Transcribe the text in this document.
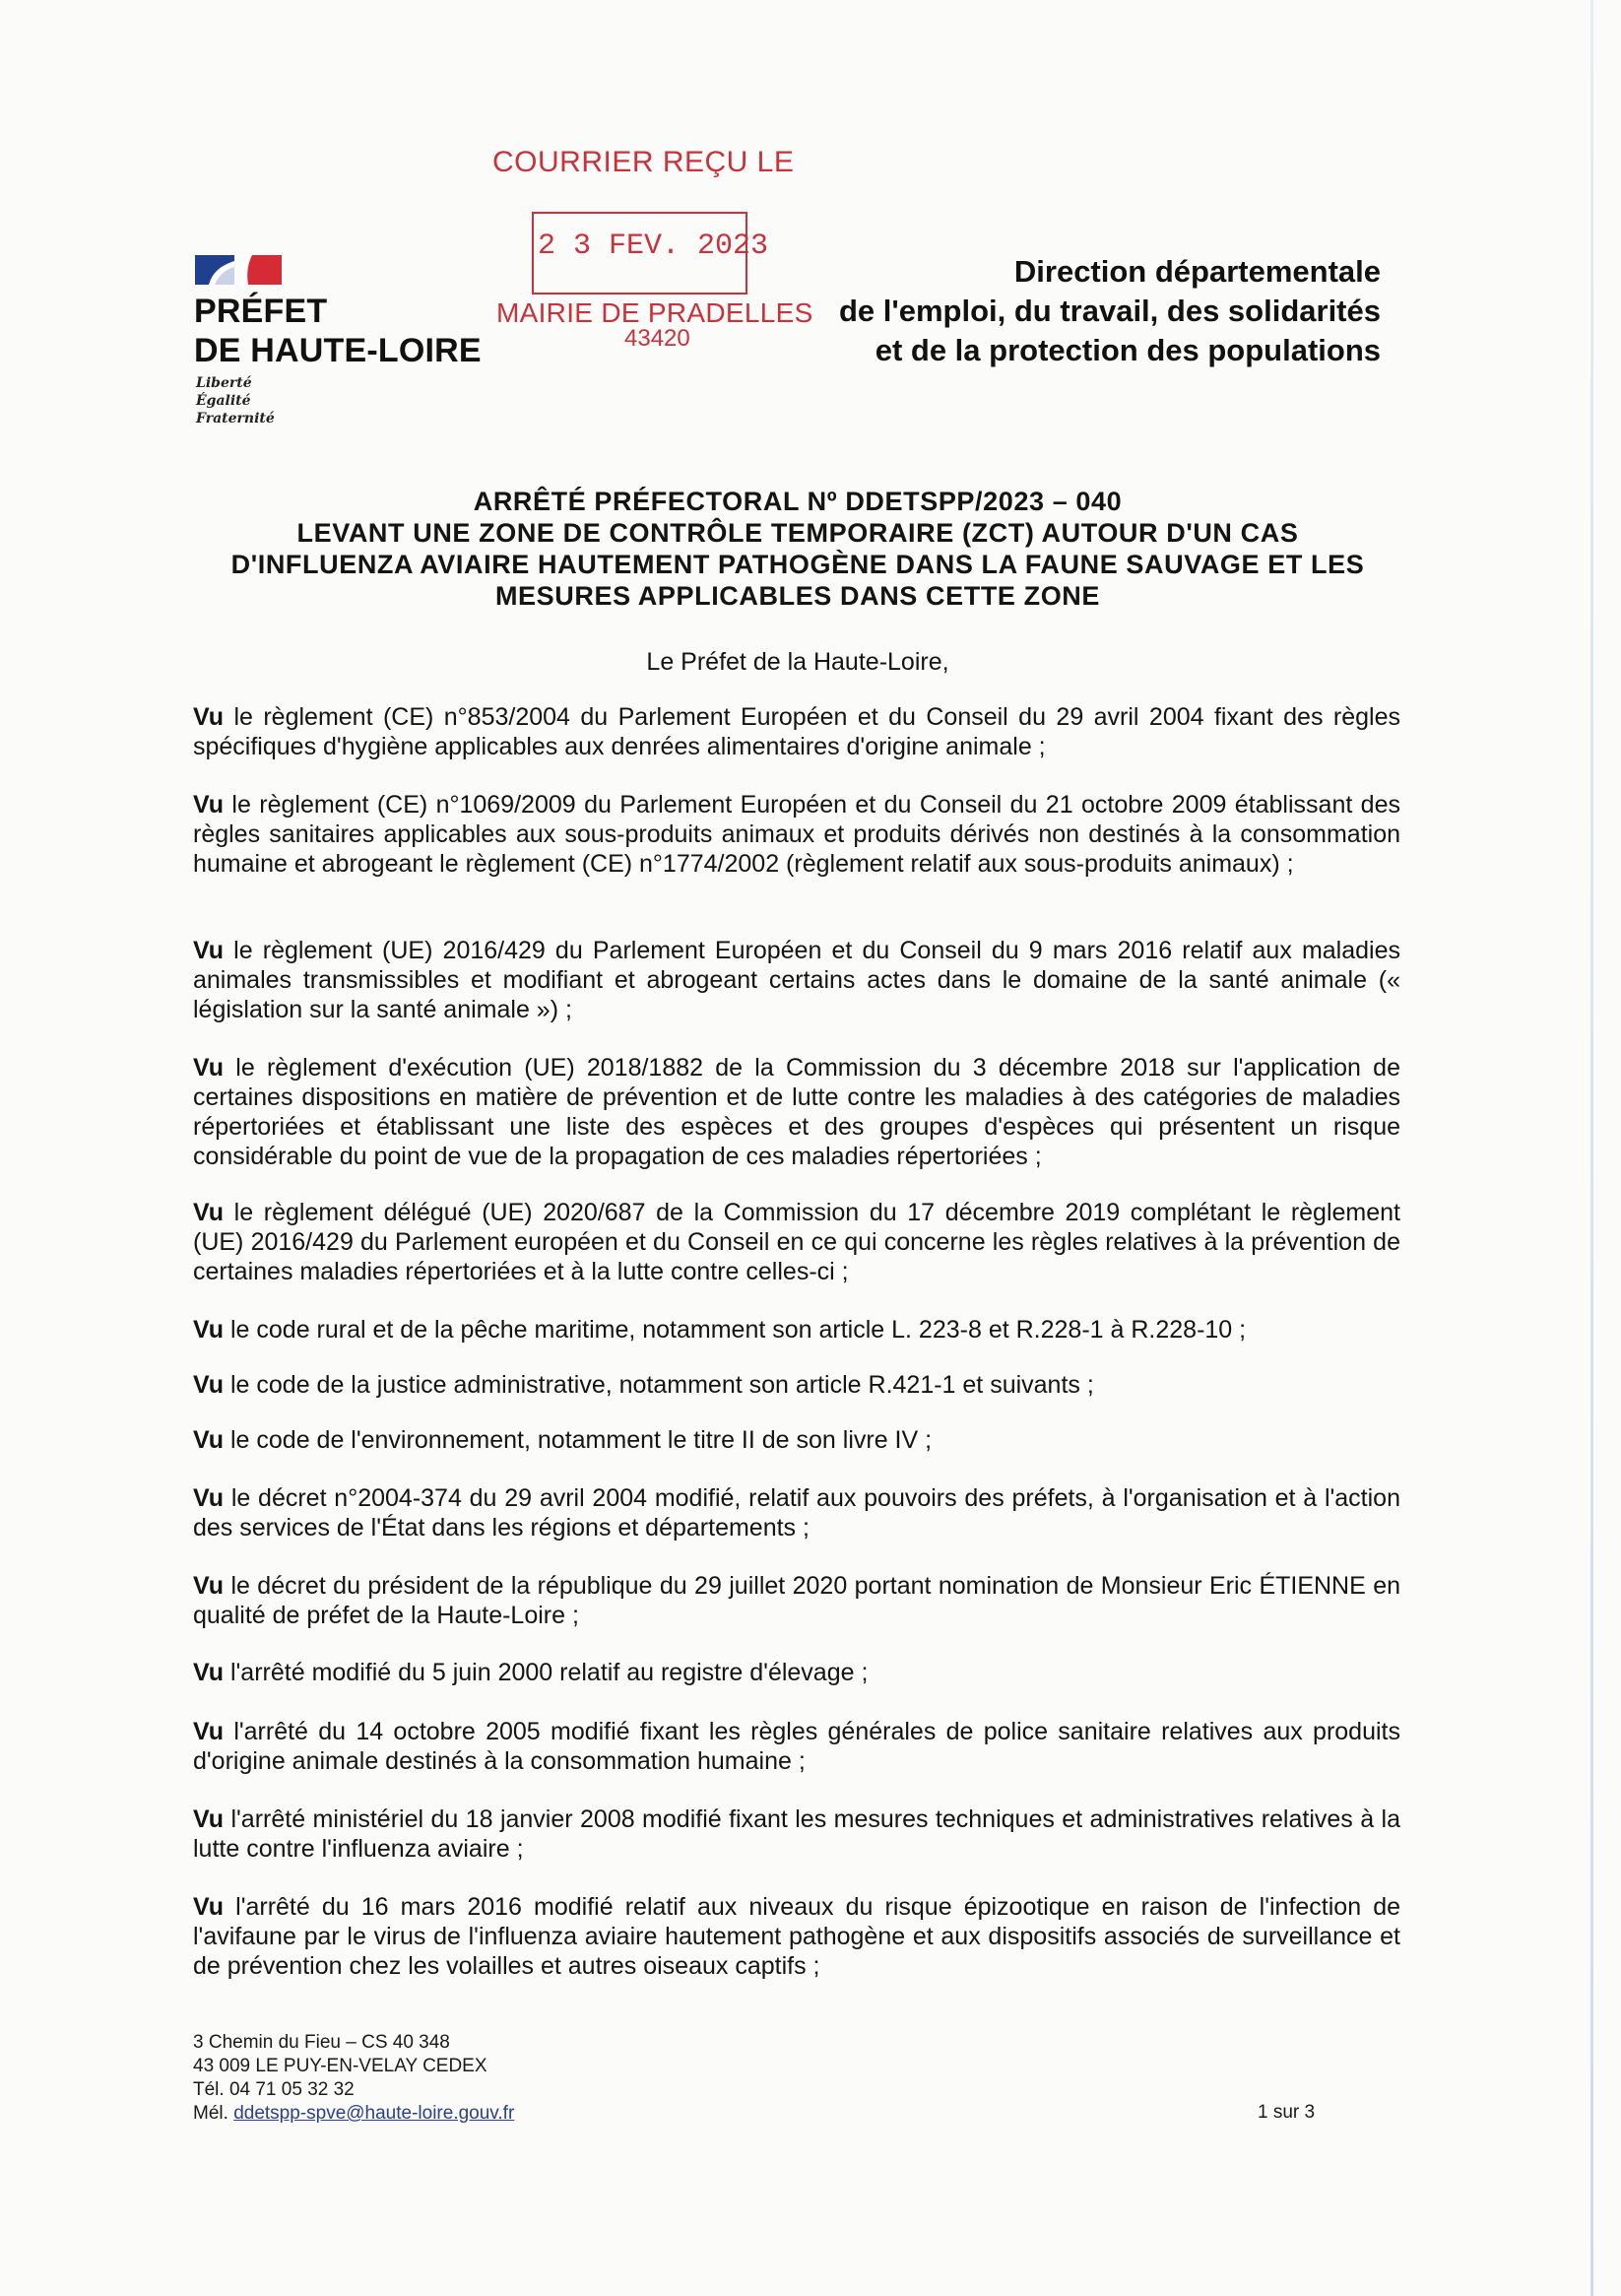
PRÉFET
DE HAUTE-LOIRE
Liberté
Égalité
Fraternité
Direction départementale
de l'emploi, du travail, des solidarités
et de la protection des populations
COURRIER REÇU LE
2 3 FEV. 2023
MAIRIE DE PRADELLES
43420
ARRÊTÉ PRÉFECTORAL Nº DDETSPP/2023 – 040
LEVANT UNE ZONE DE CONTRÔLE TEMPORAIRE (ZCT) AUTOUR D'UN CAS
D'INFLUENZA AVIAIRE HAUTEMENT PATHOGÈNE DANS LA FAUNE SAUVAGE ET LES
MESURES APPLICABLES DANS CETTE ZONE
Le Préfet de la Haute-Loire,

Vu le règlement (CE) n°853/2004 du Parlement Européen et du Conseil du 29 avril 2004 fixant des règles spécifiques d'hygiène applicables aux denrées alimentaires d'origine animale ;

Vu le règlement (CE) n°1069/2009 du Parlement Européen et du Conseil du 21 octobre 2009 établissant des règles sanitaires applicables aux sous-produits animaux et produits dérivés non destinés à la consommation humaine et abrogeant le règlement (CE) n°1774/2002 (règlement relatif aux sous-produits animaux) ;

Vu le règlement (UE) 2016/429 du Parlement Européen et du Conseil du 9 mars 2016 relatif aux maladies animales transmissibles et modifiant et abrogeant certains actes dans le domaine de la santé animale (« législation sur la santé animale ») ;

Vu le règlement d'exécution (UE) 2018/1882 de la Commission du 3 décembre 2018 sur l'application de certaines dispositions en matière de prévention et de lutte contre les maladies à des catégories de maladies répertoriées et établissant une liste des espèces et des groupes d'espèces qui présentent un risque considérable du point de vue de la propagation de ces maladies répertoriées ;

Vu le règlement délégué (UE) 2020/687 de la Commission du 17 décembre 2019 complétant le règlement (UE) 2016/429 du Parlement européen et du Conseil en ce qui concerne les règles relatives à la prévention de certaines maladies répertoriées et à la lutte contre celles-ci ;

Vu le code rural et de la pêche maritime, notamment son article L. 223-8 et R.228-1 à R.228-10 ;

Vu le code de la justice administrative, notamment son article R.421-1 et suivants ;

Vu le code de l'environnement, notamment le titre II de son livre IV ;

Vu le décret n°2004-374 du 29 avril 2004 modifié, relatif aux pouvoirs des préfets, à l'organisation et à l'action des services de l'État dans les régions et départements ;

Vu le décret du président de la république du 29 juillet 2020 portant nomination de Monsieur Eric ÉTIENNE en qualité de préfet de la Haute-Loire ;

Vu l'arrêté modifié du 5 juin 2000 relatif au registre d'élevage ;

Vu l'arrêté du 14 octobre 2005 modifié fixant les règles générales de police sanitaire relatives aux produits d'origine animale destinés à la consommation humaine ;

Vu l'arrêté ministériel du 18 janvier 2008 modifié fixant les mesures techniques et administratives relatives à la lutte contre l'influenza aviaire ;

Vu l'arrêté du 16 mars 2016 modifié relatif aux niveaux du risque épizootique en raison de l'infection de l'avifaune par le virus de l'influenza aviaire hautement pathogène et aux dispositifs associés de surveillance et de prévention chez les volailles et autres oiseaux captifs ;

3 Chemin du Fieu – CS 40 348
43 009 LE PUY-EN-VELAY CEDEX
Tél. 04 71 05 32 32
Mél. ddetspp-spve@haute-loire.gouv.fr	1 sur 3
